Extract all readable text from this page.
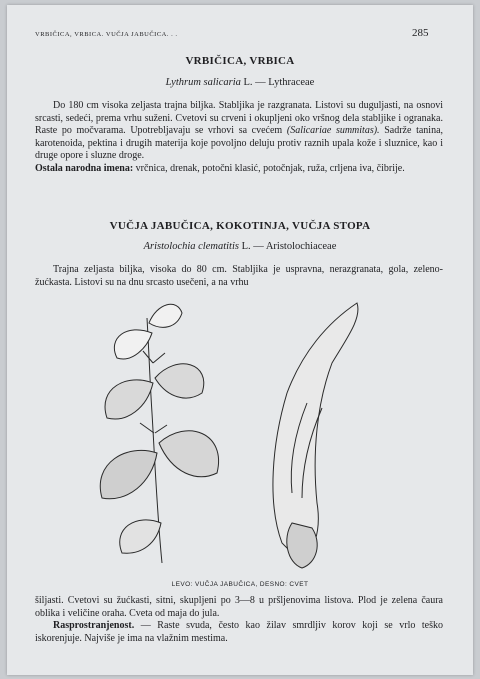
VRBIČICA, VRBICA. VUČJA JABUČICA. . .	285
VRBIČICA, VRBICA
Lythrum salicaria L. — Lythraceae

Do 180 cm visoka zeljasta trajna biljka. Stabljika je razgranata. Listovi su duguljasti, na osnovi srcasti, sedeći, prema vrhu suženi. Cvetovi su crveni i okupljeni oko vršnog dela stabljike i ogranaka. Raste po močvarama. Upotrebljavaju se vrhovi sa cvećem (Salicariae summitas). Sadrže tanina, karotenoida, pektina i drugih materija koje povoljno deluju protiv raznih upala kože i sluznice, kao i druge opore i sluzne droge.

Ostala narodna imena: vrčnica, drenak, potočni klasić, potočnjak, ruža, crljena iva, čibrije.

VUČJA JABUČICA, KOKOTINJA, VUČJA STOPA
Aristolochia clematitis L. — Aristolochiaceae

Trajna zeljasta biljka, visoka do 80 cm. Stabljika je uspravna, nerazgranata, gola, zeleno-žućkasta. Listovi su na dnu srcasto usečeni, a na vrhu

LEVO: VUČJA JABUČICA, DESNO: CVET

šiljasti. Cvetovi su žućkasti, sitni, skupljeni po 3—8 u pršljenovima listova. Plod je zelena čaura oblika i veličine oraha. Cveta od maja do jula.

Rasprostranjenost. — Raste svuda, često kao žilav smrdljiv korov koji se vrlo teško iskorenjuje. Najviše je ima na vlažnim mestima.
